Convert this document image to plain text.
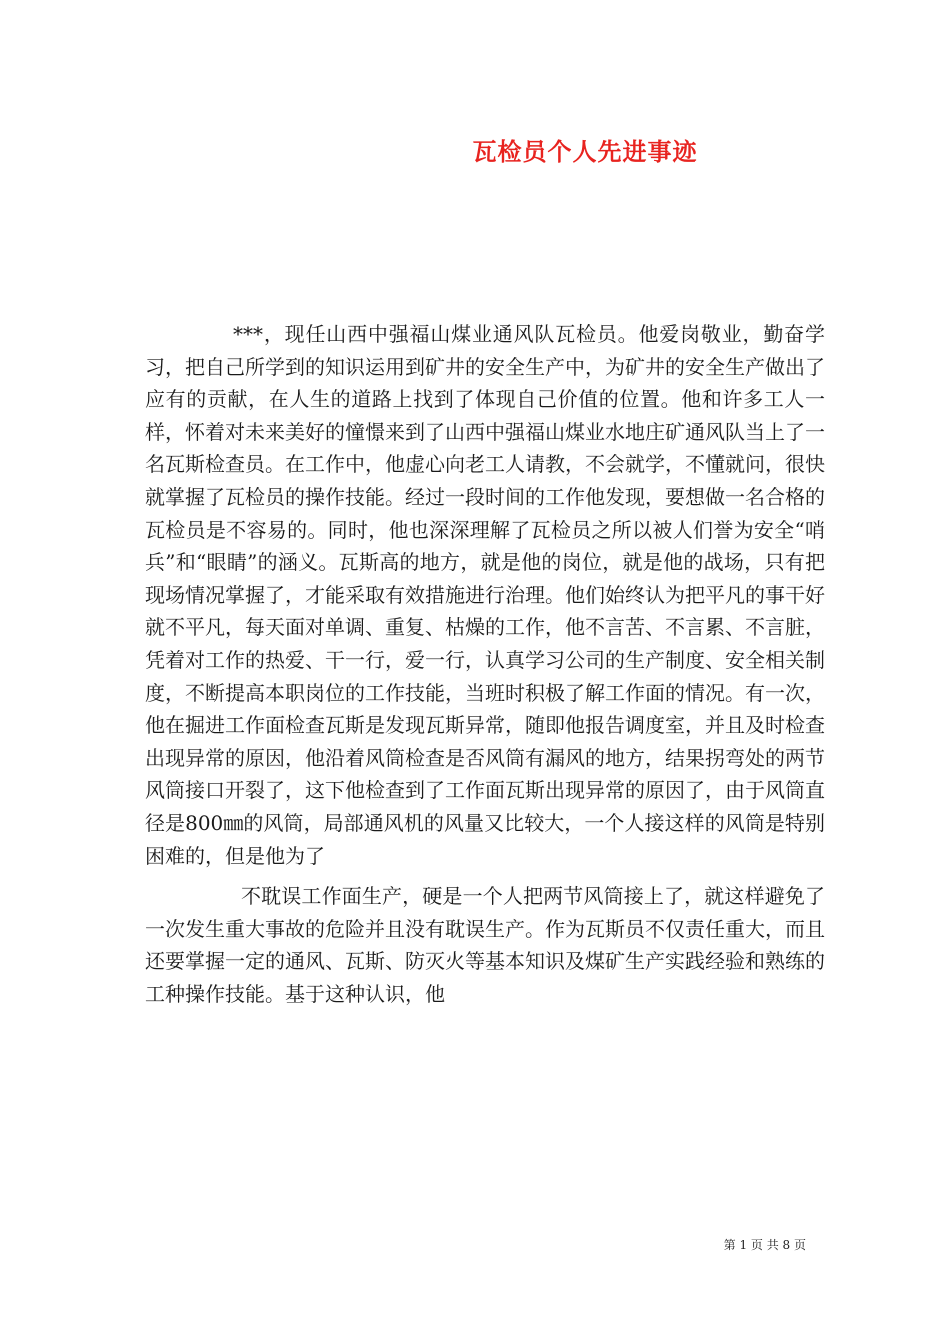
瓦检员个人先进事迹

***，现任山西中强福山煤业通风队瓦检员。他爱岗敬业，勤奋学习，把自己所学到的知识运用到矿井的安全生产中，为矿井的安全生产做出了应有的贡献，在人生的道路上找到了体现自己价值的位置。他和许多工人一样，怀着对未来美好的憧憬来到了山西中强福山煤业水地庄矿通风队当上了一名瓦斯检查员。在工作中，他虚心向老工人请教，不会就学，不懂就问，很快就掌握了瓦检员的操作技能。经过一段时间的工作他发现，要想做一名合格的瓦检员是不容易的。同时，他也深深理解了瓦检员之所以被人们誉为安全“哨兵”和“眼睛”的涵义。瓦斯高的地方，就是他的岗位，就是他的战场，只有把现场情况掌握了，才能采取有效措施进行治理。他们始终认为把平凡的事干好就不平凡，每天面对单调、重复、枯燥的工作，他不言苦、不言累、不言脏，凭着对工作的热爱、干一行，爱一行，认真学习公司的生产制度、安全相关制度，不断提高本职岗位的工作技能，当班时积极了解工作面的情况。有一次，他在掘进工作面检查瓦斯是发现瓦斯异常，随即他报告调度室，并且及时检查出现异常的原因，他沿着风筒检查是否风筒有漏风的地方，结果拐弯处的两节风筒接口开裂了，这下他检查到了工作面瓦斯出现异常的原因了，由于风筒直径是800㎜的风筒，局部通风机的风量又比较大，一个人接这样的风筒是特别困难的，但是他为了

不耽误工作面生产，硬是一个人把两节风筒接上了，就这样避免了一次发生重大事故的危险并且没有耽误生产。作为瓦斯员不仅责任重大，而且还要掌握一定的通风、瓦斯、防灭火等基本知识及煤矿生产实践经验和熟练的工种操作技能。基于这种认识，他

第 1 页 共 8 页
